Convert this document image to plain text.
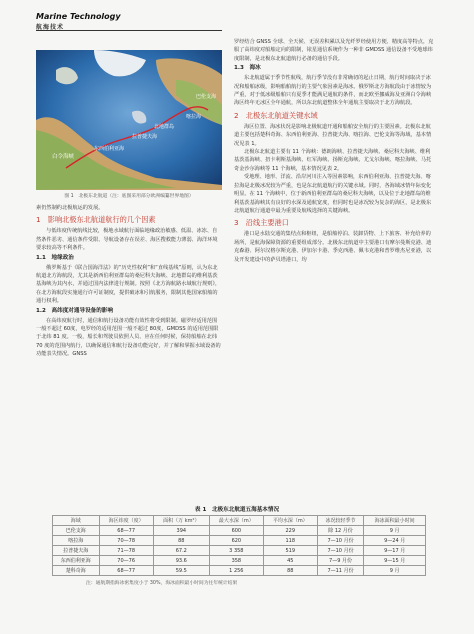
Marine Technology
航海技术
白令海峡
东西伯利亚海
拉普捷夫海
喀拉海
巴伦支海
北地群岛
图 1　北极东北航道（注：底图采用部分欧洲编纂世界地图）

素仍然制约北极航运的发展。

1　影响北极东北航道航行的几个因素

与低纬度传统航线比较，极地水域航行面临地缘政治敏感、低温、冰冻、自然条件恶劣、通信条件受限、导航设备存在误差、海区搜救能力薄弱、海洋环境要求较高等不利条件。

1.1　地缘政治

俄罗斯基于《联合国海洋法》的“历史性权利”和“直线基线”原则，认为东北航道北方海航段，尤其是新西伯利亚群岛的桑尼科夫海峡、北地群岛的维利基茨基海峡为其内水，并通过国内法律进行规制。按照《北方海航路水域航行规则》，在北方海航段实施通行许可证制度，提供破冰和引航服务，限制其他国家船舶的通行权利。

1.2　高纬度对通导设备的影响

在高纬度航行时，通信和航行设备功能有效性将受到限制。磁罗经适用范围一般不超过 60度，电罗经的适用范围一般不超过 80度，GMDSS 的适用范围限于北纬 81 度。一般，船长和驾驶员依照人员、应在任何时候，保持船舶在北纬 70 度的范围内航行，以确保通信和航行设备功能完好，并了解和掌握水域设备的功能表失情况。GNSS

罗经结合 GNSS 全球、全天候、无误差积累以及光纤罗经使用方便、精度高等特点，克服了高纬度对船舶定向的限制，铱星通信系统作为一种非 GMDSS 通信设备不受地球纬度限制，是北极东北航道航行必备的通信手段。

1.3　海冰

东北航道属于季节性航线，航行季节没有非常确切的起止日期，航行时间取决于冰况和船舶冰级，影响船舶航行的主要气象因素是海冰。俄罗斯北方海航段由于冰情较为严重，对于低冰级船舶只有夏季才能满足通航的条件，而北欧至挪威海及亚洲白令海峡海区终年无冰区全年通航，所以东北航道整体全年通航主要取决于北方海航段。

2　北极东北航道关键水域

海区位置、海冰状况是影响北极航道开通和船舶安全航行的主要因素。北极东北航道主要包括楚科奇海、东西伯利亚海、拉普捷夫海、喀拉海、巴伦支海等海域，基本情况见表 1。

北极东北航道主要有 11 个海峡：德朗海峡、拉普捷夫海峡、桑尼科夫海峡、维利基茨基海峡、扭卡利斯基海峡、红军海峡、扬斯克海峡、尤戈尔海峡、喀拉海峡、马托奇金沙尔海峡等 11 个海峡，基本情况见表 2。

受地理、地形、洋流、沿岸河川注入等因素影响，东西伯利亚海、拉普捷夫海、喀拉海是北极冰况较为严重，也是东北航道航行的关键水域。同时，各海域冰情年际变化明显。在 11 个海峡中，位于新西伯利亚群岛的桑尼科夫海峡，以及位于北地群岛的维利基茨基海峡其有良好的水深及通航宽度，但同时也是冰况较为复杂的海区，是北极东北航道航行通道中最为重要及航线选择的关键海峡。

3　沿线主要港口

港口是水陆交通的集结点和枢纽，是船舶停泊、装卸货物、上下旅客、补充给养的场所，是航海保障资源的重要组成部分。北极东北航道中主要港口有摩尔曼斯克港、迪克森港、阿尔汉格尔斯克港、伊加尔卡港、季克西港、佩韦克港和普罗维杰尼亚港，以及开发建设中的萨贝塔港口，均

表 1　北极东北航道五海基本情况
海域	海区纬度（度）	面积（万 km²）	最大水深（m）	平均水深（m）	冰况较轻季节	海冰面积最小时间
巴伦支海	68—77	394	600	229	除 12 月份	9 月
喀拉海	70—78	88	620	118	7—10 月份	9—24 月
拉普捷夫海	71—78	67.2	3 358	519	7—10 月份	9—17 月
东西伯利亚海	70—76	93.6	358	45	7—9 月份	9—15 月
楚科奇海	68—77	59.5	1 256	88	7—11 月份	9 月
注：通航期指海冰密集度小于 30%，海冰面积最小时间为往年统计结果
